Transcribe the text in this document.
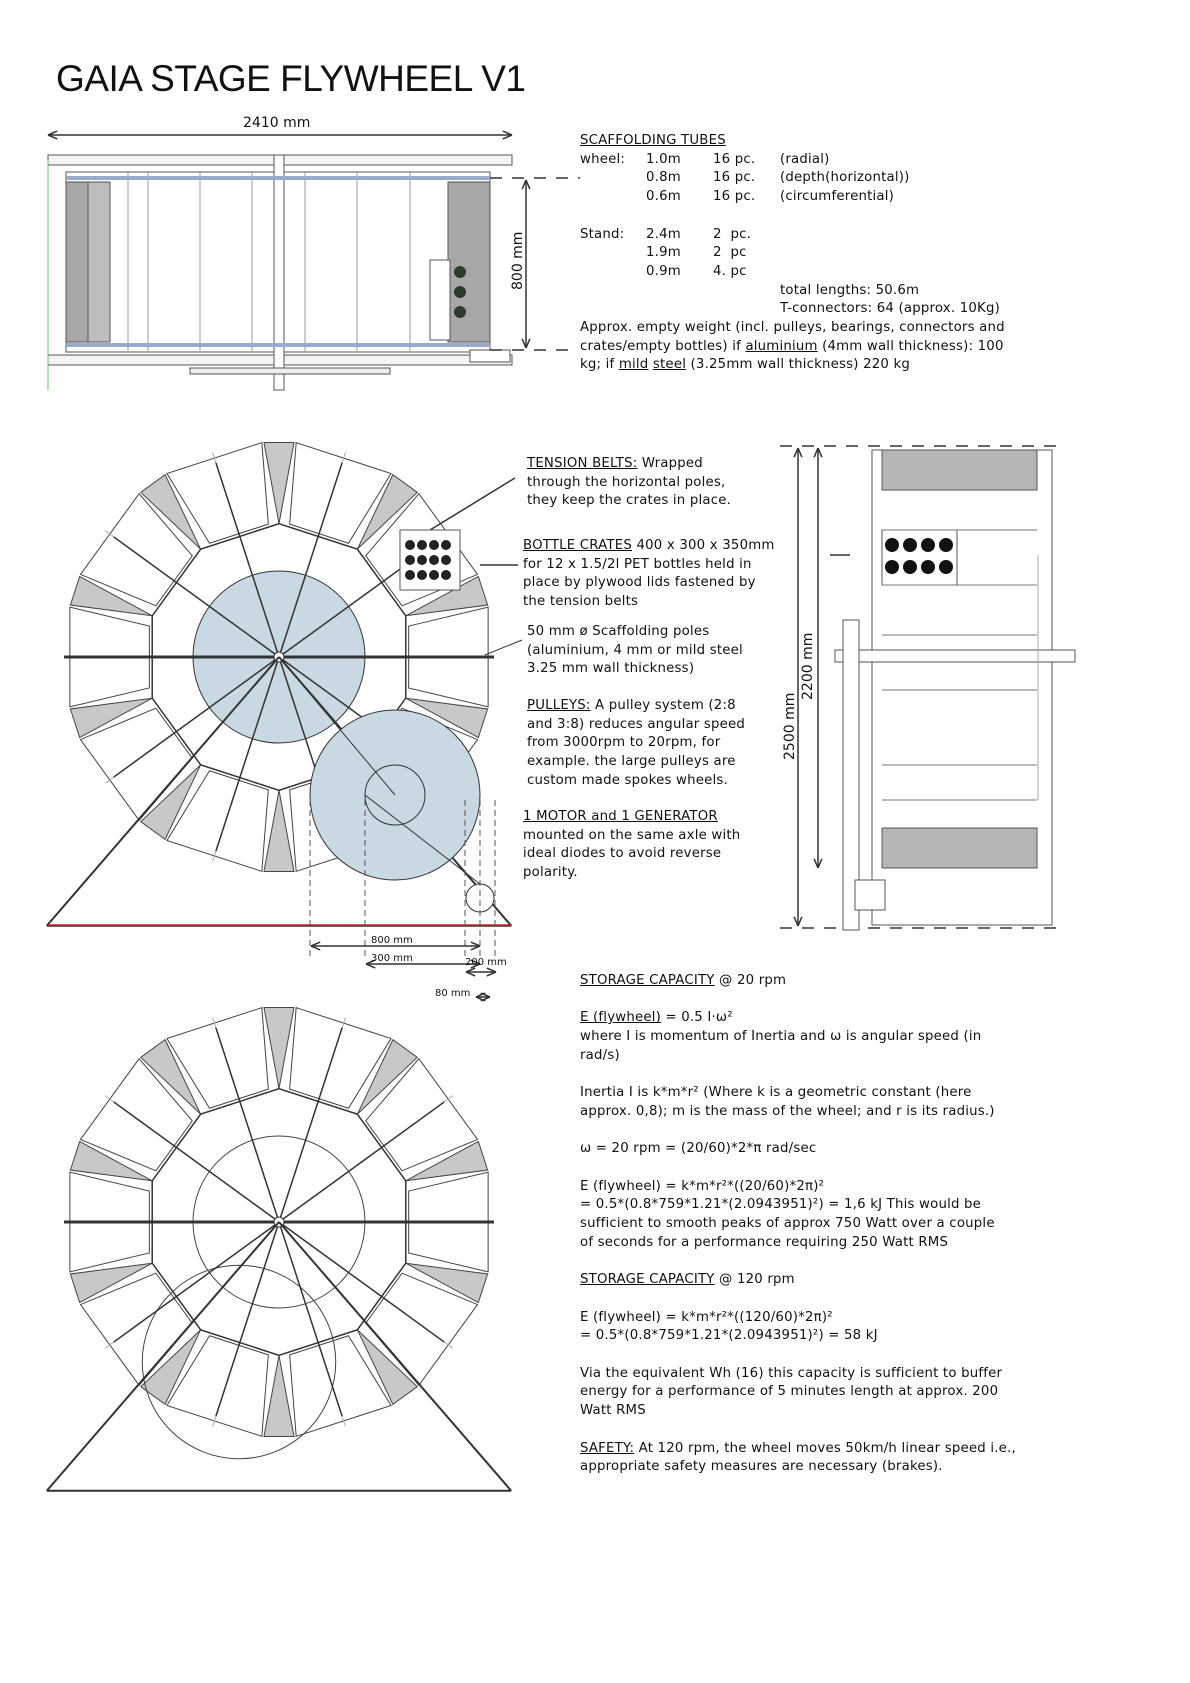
GAIA STAGE FLYWHEEL V1
2410 mm
800 mm
2500 mm
2200 mm
800 mm
300 mm	200 mm
80 mm
SCAFFOLDING TUBES
wheel:	1.0m	16 pc.	(radial)

0.8m	16 pc.	(depth(horizontal))

0.6m	16 pc.	(circumferential)

Stand:	2.4m	2  pc.

1.9m	2  pc

0.9m	4. pc

total lengths: 50.6m
T-connectors: 64 (approx. 10Kg)
Approx. empty weight (incl. pulleys, bearings, connectors and
crates/empty bottles) if aluminium (4mm wall thickness): 100
kg; if mild steel (3.25mm wall thickness) 220 kg
TENSION BELTS: Wrapped
through the horizontal poles,
they keep the crates in place.
BOTTLE CRATES 400 x 300 x 350mm
for 12 x 1.5/2l PET bottles held in
place by plywood lids fastened by
the tension belts
50 mm ø Scaffolding poles
(aluminium, 4 mm or mild steel
3.25 mm wall thickness)
PULLEYS: A pulley system (2:8
and 3:8) reduces angular speed
from 3000rpm to 20rpm, for
example. the large pulleys are
custom made spokes wheels.
1 MOTOR and 1 GENERATOR
mounted on the same axle with
ideal diodes to avoid reverse
polarity.
STORAGE CAPACITY @ 20 rpm

E (flywheel) = 0.5 I·ω²
where I is momentum of Inertia and ω is angular speed (in
rad/s)

Inertia I is k*m*r² (Where k is a geometric constant (here
approx. 0,8); m is the mass of the wheel; and r is its radius.)

ω = 20 rpm = (20/60)*2*π rad/sec

E (flywheel) = k*m*r²*((20/60)*2π)²
= 0.5*(0.8*759*1.21*(2.0943951)²) = 1,6 kJ This would be
sufficient to smooth peaks of approx 750 Watt over a couple
of seconds for a performance requiring 250 Watt RMS

STORAGE CAPACITY @ 120 rpm

E (flywheel) = k*m*r²*((120/60)*2π)²
= 0.5*(0.8*759*1.21*(2.0943951)²) = 58 kJ

Via the equivalent Wh (16) this capacity is sufficient to buffer
energy for a performance of 5 minutes length at approx. 200
Watt RMS

SAFETY: At 120 rpm, the wheel moves 50km/h linear speed i.e.,
appropriate safety measures are necessary (brakes).
